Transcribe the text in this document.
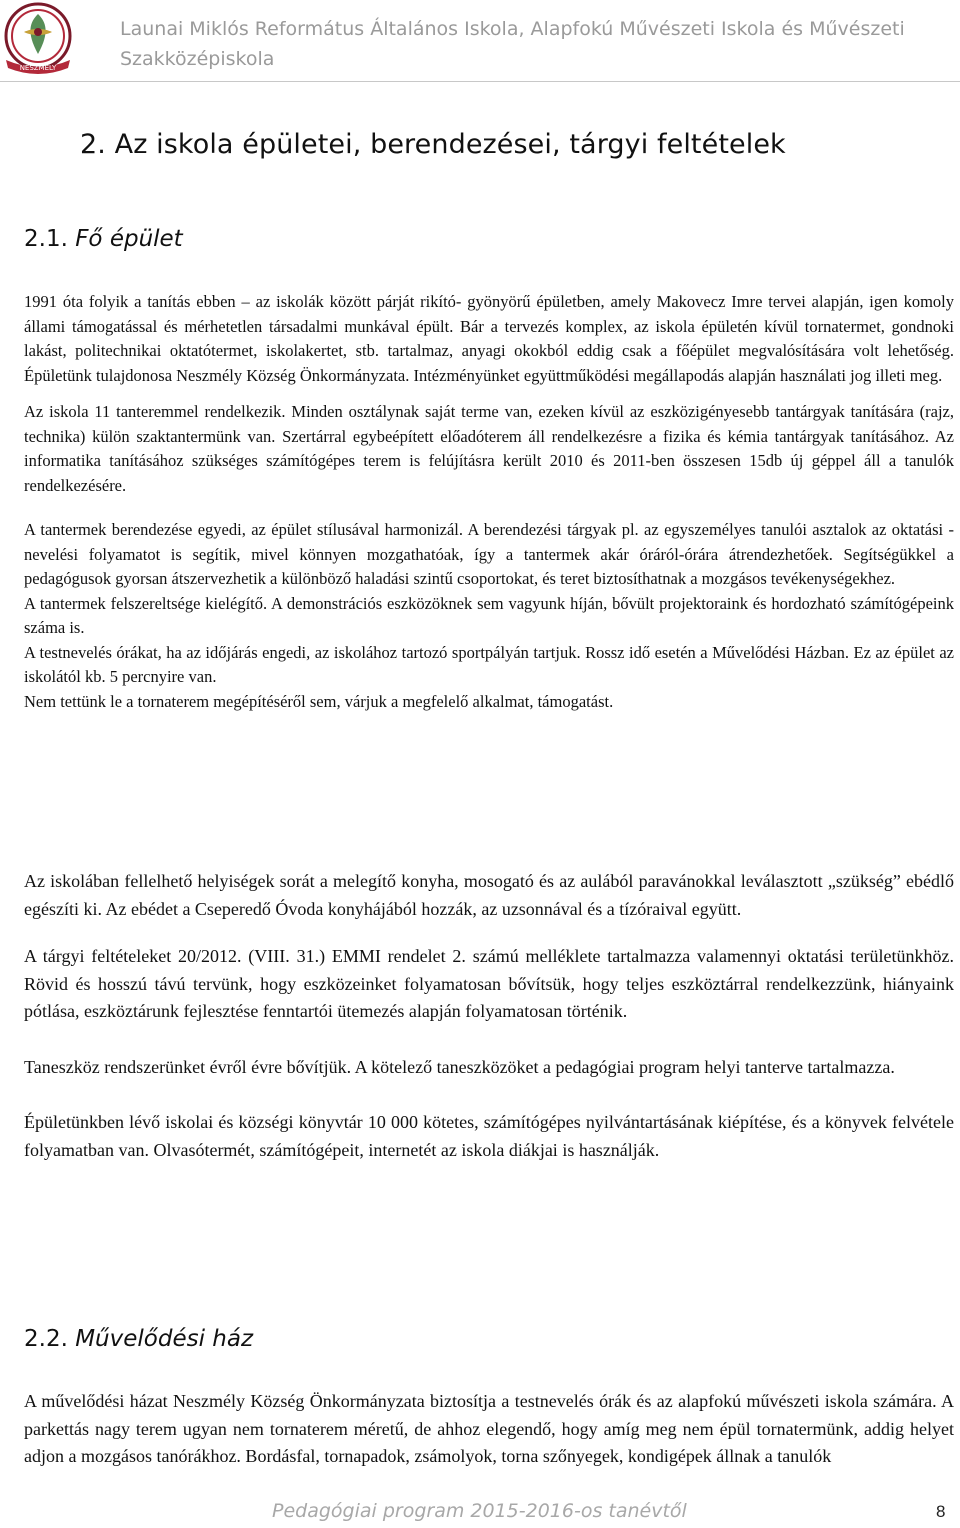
NESZMÉLY
Launai Miklós Református Általános Iskola, Alapfokú Művészeti Iskola és Művészeti Szakközépiskola
2. Az iskola épületei, berendezései, tárgyi feltételek
2.1. Fő épület

1991 óta folyik a tanítás ebben – az iskolák között párját rikító- gyönyörű épületben, amely Makovecz Imre tervei alapján, igen komoly állami támogatással és mérhetetlen társadalmi munkával épült. Bár a tervezés komplex, az iskola épületén kívül tornatermet, gondnoki lakást, politechnikai oktatótermet, iskolakertet, stb. tartalmaz, anyagi okokból eddig csak a főépület megvalósítására volt lehetőség. Épületünk tulajdonosa Neszmély Község Önkormányzata. Intézményünket együttműködési megállapodás alapján használati jog illeti meg.

Az iskola 11 tanteremmel rendelkezik. Minden osztálynak saját terme van, ezeken kívül az eszközigényesebb tantárgyak tanítására (rajz, technika) külön szaktantermünk van. Szertárral egybeépített előadóterem áll rendelkezésre a fizika és kémia tantárgyak tanításához. Az informatika tanításához szükséges számítógépes terem is felújításra került 2010 és 2011-ben összesen 15db új géppel áll a tanulók rendelkezésére.

A tantermek berendezése egyedi, az épület stílusával harmonizál. A berendezési tárgyak pl. az egyszemélyes tanulói asztalok az oktatási - nevelési folyamatot is segítik, mivel könnyen mozgathatóak, így a tantermek akár óráról-órára átrendezhetőek. Segítségükkel a pedagógusok gyorsan átszervezhetik a különböző haladási szintű csoportokat, és teret biztosíthatnak a mozgásos tevékenységekhez.

A tantermek felszereltsége kielégítő. A demonstrációs eszközöknek sem vagyunk híján, bővült projektoraink és hordozható számítógépeink száma is.

A testnevelés órákat, ha az időjárás engedi, az iskolához tartozó sportpályán tartjuk. Rossz idő esetén a Művelődési Házban. Ez az épület az iskolától kb. 5 percnyire van.

Nem tettünk le a tornaterem megépítéséről sem, várjuk a megfelelő alkalmat, támogatást.

Az iskolában fellelhető helyiségek sorát a melegítő konyha, mosogató és az aulából paravánokkal leválasztott „szükség” ebédlő egészíti ki. Az ebédet a Cseperedő Óvoda konyhájából hozzák, az uzsonnával és a tízóraival együtt.

A tárgyi feltételeket 20/2012. (VIII. 31.) EMMI rendelet 2. számú melléklete tartalmazza valamennyi oktatási területünkhöz. Rövid és hosszú távú tervünk, hogy eszközeinket folyamatosan bővítsük, hogy teljes eszköztárral rendelkezzünk, hiányaink pótlása, eszköztárunk fejlesztése fenntartói ütemezés alapján folyamatosan történik.

Taneszköz rendszerünket évről évre bővítjük. A kötelező taneszközöket a pedagógiai program helyi tanterve tartalmazza.

Épületünkben lévő iskolai és községi könyvtár 10 000 kötetes, számítógépes nyilvántartásának kiépítése, és a könyvek felvétele folyamatban van. Olvasótermét, számítógépeit, internetét az iskola diákjai is használják.

2.2. Művelődési ház

A művelődési házat Neszmély Község Önkormányzata biztosítja a testnevelés órák és az alapfokú művészeti iskola számára. A parkettás nagy terem ugyan nem tornaterem méretű, de ahhoz elegendő, hogy amíg meg nem épül tornatermünk, addig helyet adjon a mozgásos tanórákhoz. Bordásfal, tornapadok, zsámolyok, torna szőnyegek, kondigépek állnak a tanulók

Pedagógiai program 2015-2016-os tanévtől	8
